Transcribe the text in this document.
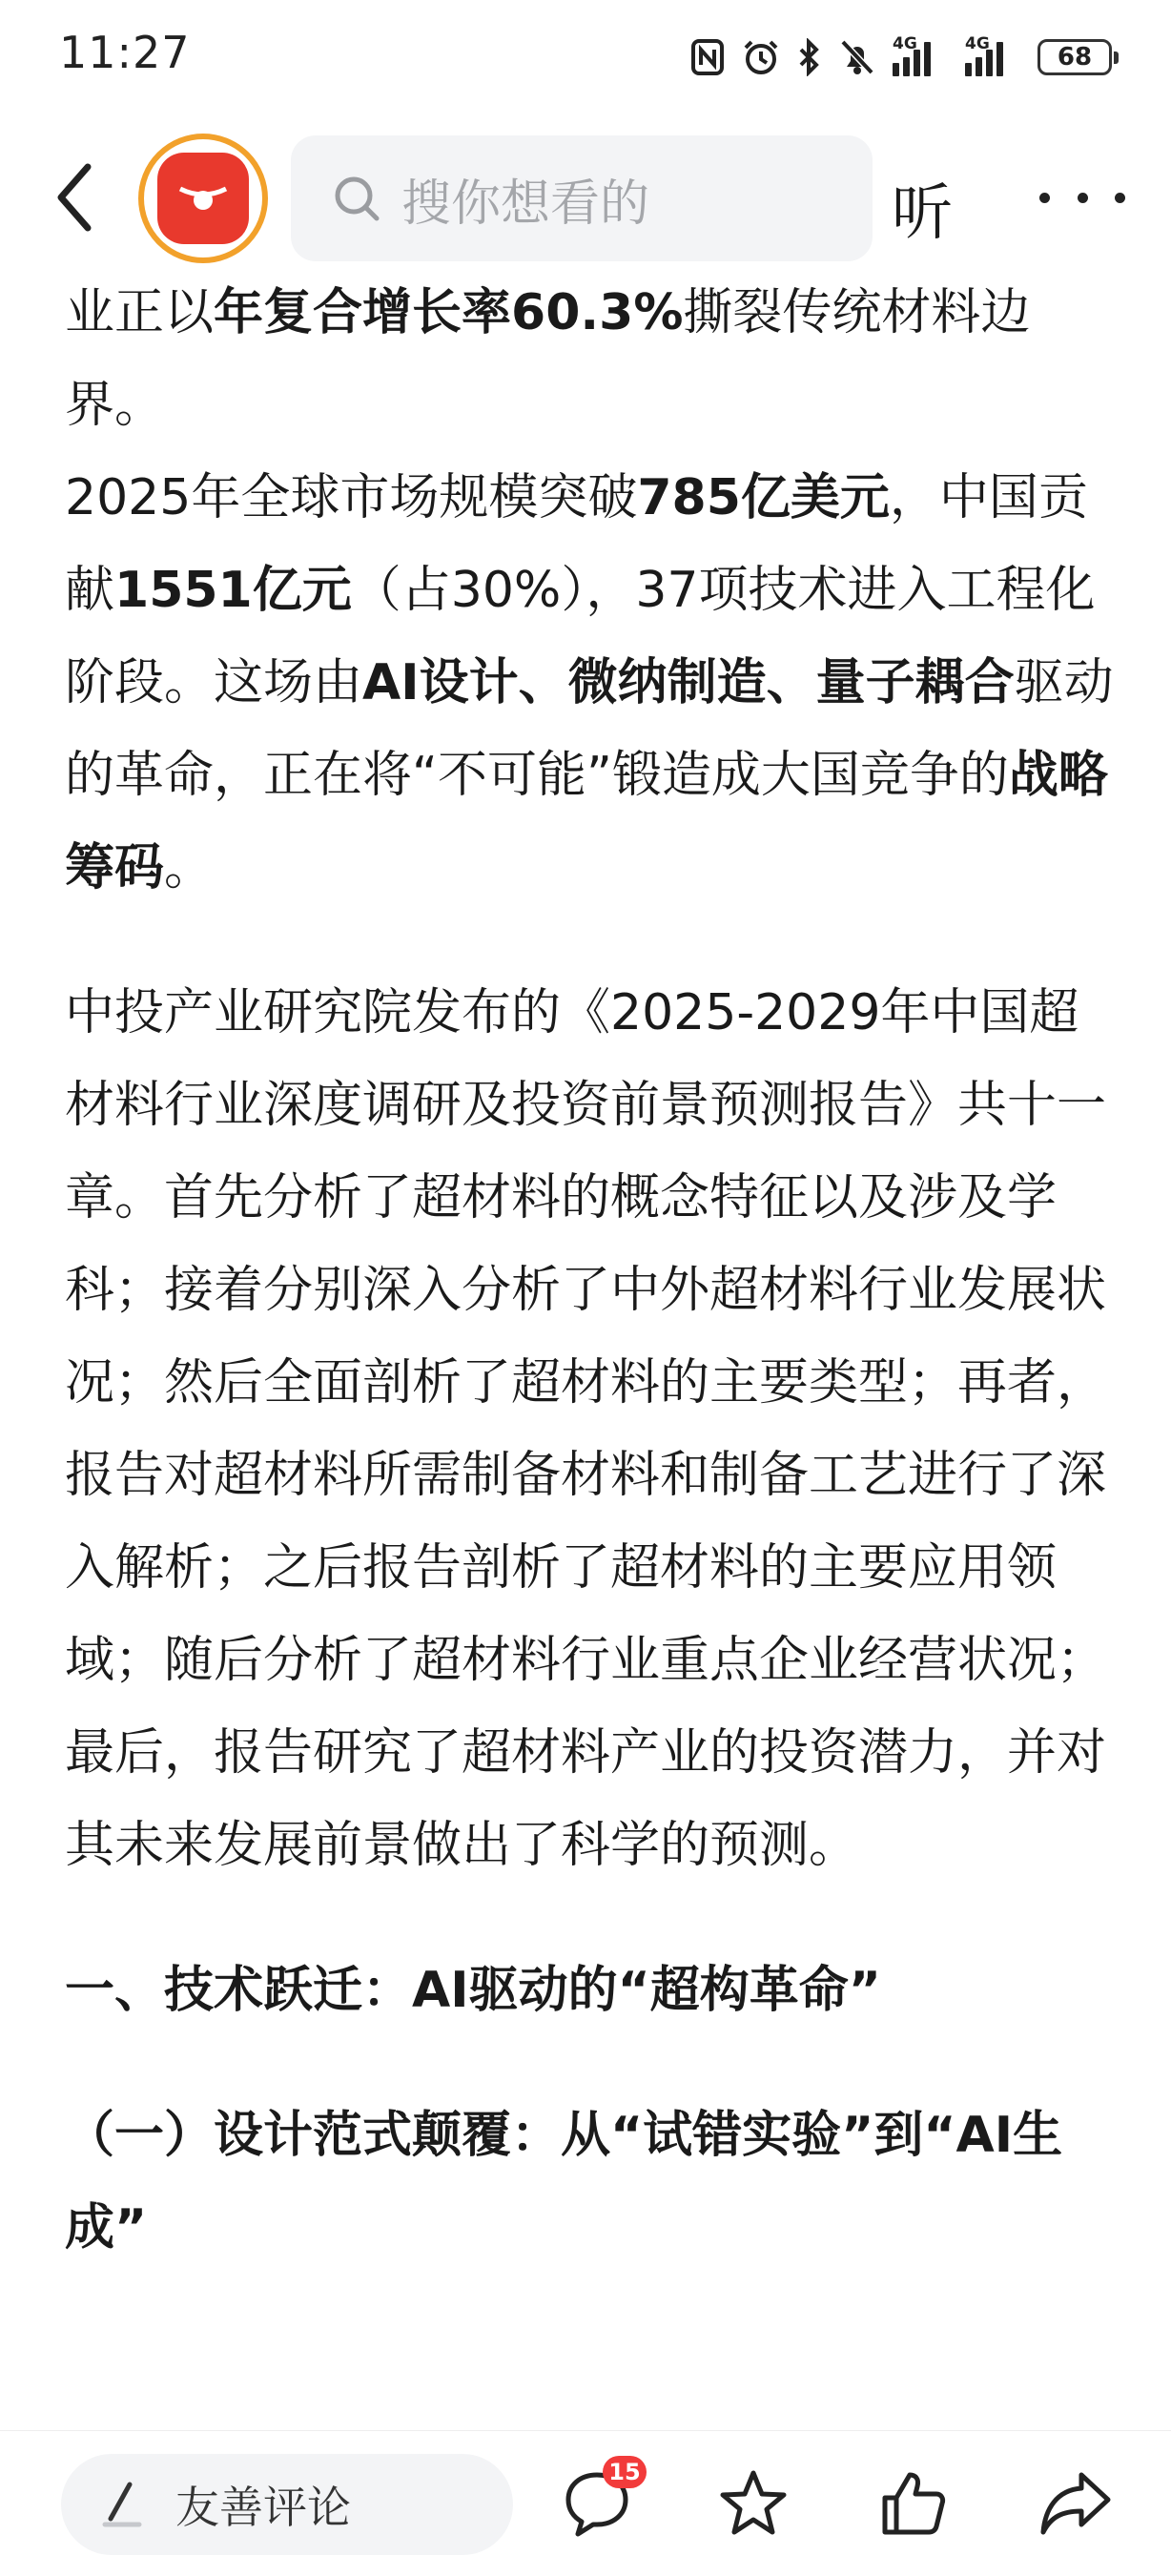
11:27	4G	4G	68
搜你想看的	听

业正以年复合增长率60.3%撕裂传统材料边界。

2025年全球市场规模突破785亿美元，中国贡献1551亿元（占30%），37项技术进入工程化阶段。这场由AI设计、微纳制造、量子耦合驱动的革命，正在将“不可能”锻造成大国竞争的战略筹码。

中投产业研究院发布的《2025-2029年中国超材料行业深度调研及投资前景预测报告》共十一章。首先分析了超材料的概念特征以及涉及学科；接着分别深入分析了中外超材料行业发展状况；然后全面剖析了超材料的主要类型；再者，报告对超材料所需制备材料和制备工艺进行了深入解析；之后报告剖析了超材料的主要应用领域；随后分析了超材料行业重点企业经营状况；最后，报告研究了超材料产业的投资潜力，并对其未来发展前景做出了科学的预测。

一、技术跃迁：AI驱动的“超构革命”

（一）设计范式颠覆：从“试错实验”到“AI生成”

友善评论
15
